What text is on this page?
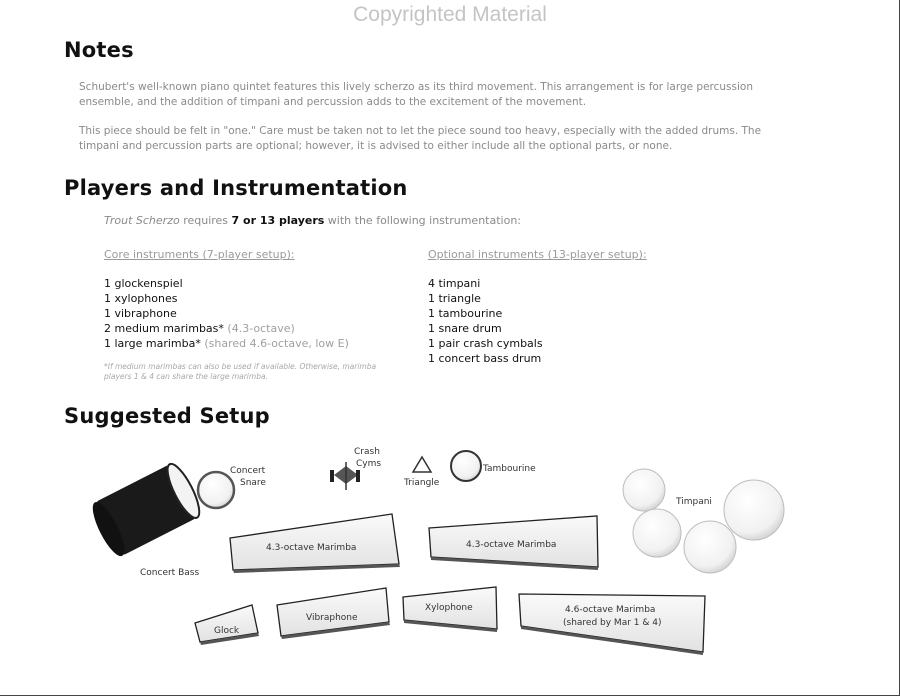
Copyrighted Material
Notes

Schubert's well-known piano quintet features this lively scherzo as its third movement. This arrangement is for large percussion ensemble, and the addition of timpani and percussion adds to the excitement of the movement.

This piece should be felt in "one." Care must be taken not to let the piece sound too heavy, especially with the added drums. The timpani and percussion parts are optional; however, it is advised to either include all the optional parts, or none.

Players and Instrumentation
Trout Scherzo requires 7 or 13 players with the following instrumentation:
Core instruments (7-player setup):
1 glockenspiel
1 xylophones
1 vibraphone
2 medium marimbas* (4.3-octave)
1 large marimba* (shared 4.6-octave, low E)
*If medium marimbas can also be used if available. Otherwise, marimba players 1 & 4 can share the large marimba.
Optional instruments (13-player setup):
4 timpani
1 triangle
1 tambourine
1 snare drum
1 pair crash cymbals
1 concert bass drum
Suggested Setup
Concert Bass
Concert
Snare
Crash
Cyms
Triangle
Tambourine
Timpani
4.3-octave Marimba	4.3-octave Marimba
Glock
Vibraphone
Xylophone	4.6-octave Marimba
(shared by Mar 1 & 4)
